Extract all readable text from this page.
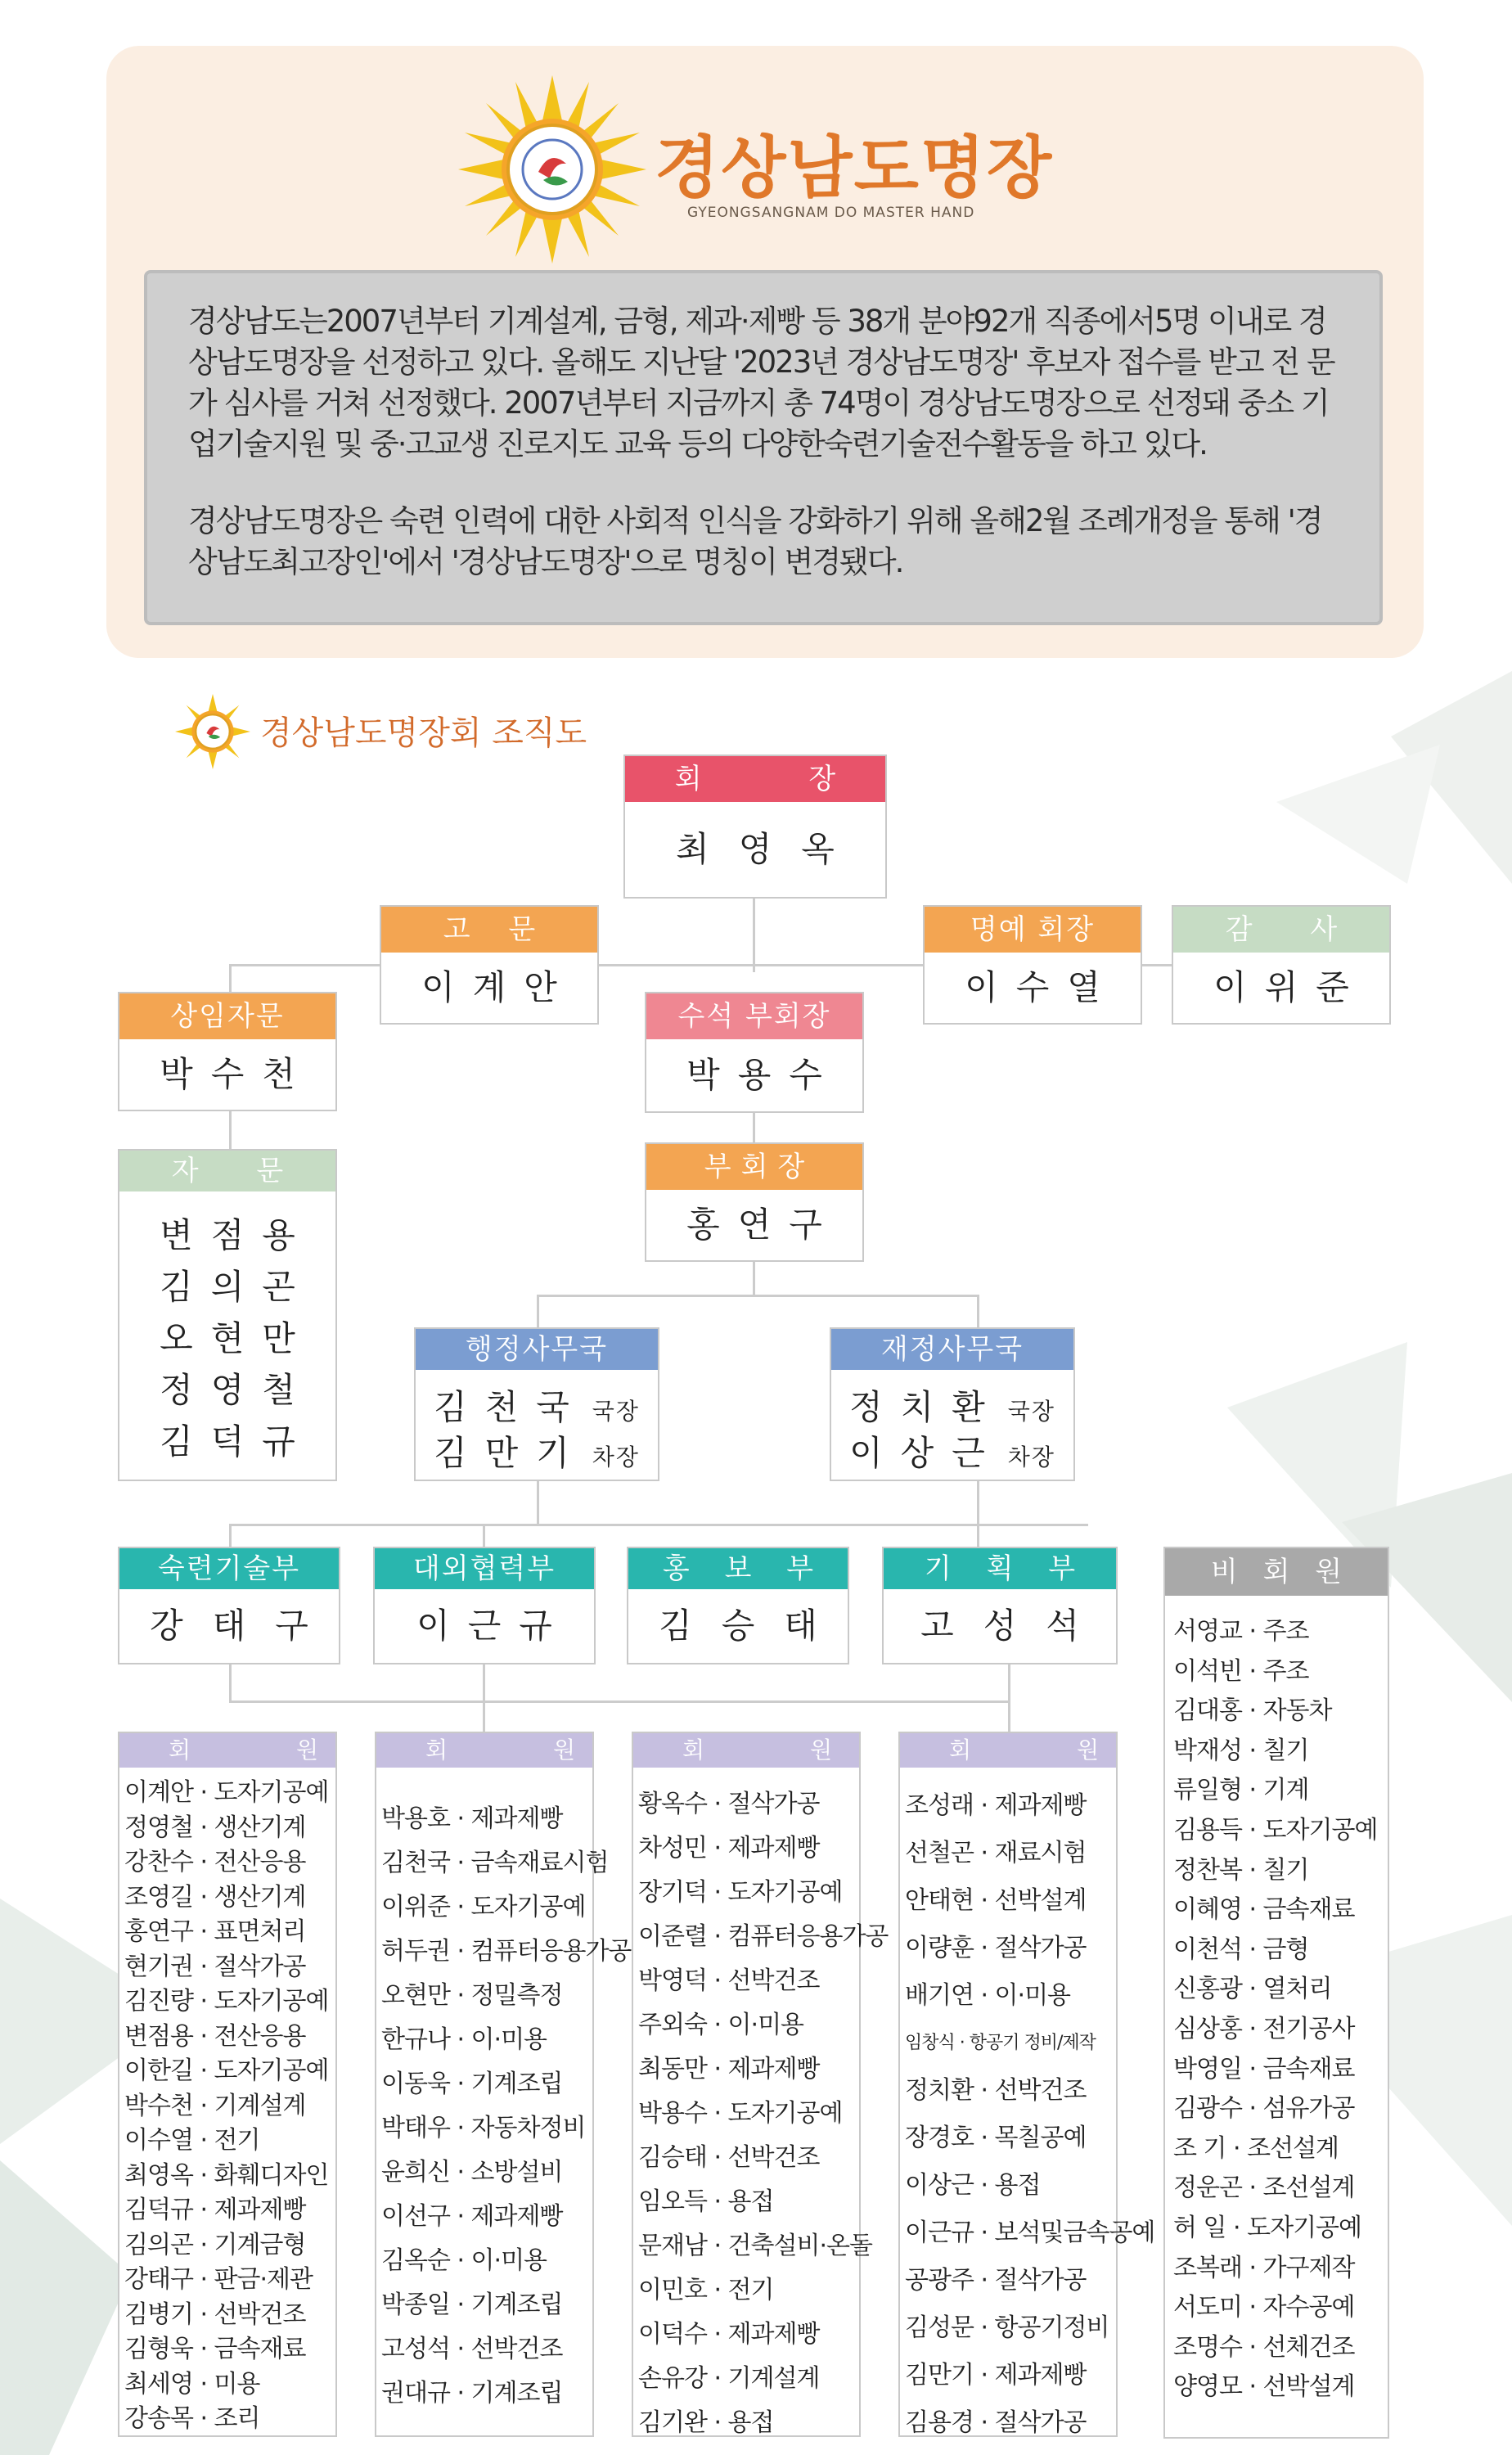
경상남도명장
GYEONGSANGNAM DO MASTER HAND

경상남도는2007년부터 기계설계, 금형, 제과·제빵 등 38개 분야92개 직종에서5명 이내로 경
상남도명장을 선정하고 있다. 올해도 지난달 '2023년 경상남도명장' 후보자 접수를 받고 전 문
가 심사를 거쳐 선정했다. 2007년부터 지금까지 총 74명이 경상남도명장으로 선정돼 중소 기
업기술지원 및 중·고교생 진로지도 교육 등의 다양한숙련기술전수활동을 하고 있다.

경상남도명장은 숙련 인력에 대한 사회적 인식을 강화하기 위해 올해2월 조례개정을 통해 '경
상남도최고장인'에서 '경상남도명장'으로 명칭이 변경됐다.

경상남도명장회 조직도
회 장
최영옥
고 문
이계안
명예 회장
이수열
감 사
이위준
상임자문
박수천
수석 부회장
박용수
자 문
변점용
김의곤
오현만
정영철
김덕규
부회장
홍연구
행정사무국
김천국 국장
김만기 차장
재정사무국
정치환 국장
이상근 차장
숙련기술부
강태구
대외협력부
이근규
홍 보 부
김승태
기 획 부
고성석
회 원
이계안 · 도자기공예
정영철 · 생산기계
강찬수 · 전산응용
조영길 · 생산기계
홍연구 · 표면처리
현기권 · 절삭가공
김진량 · 도자기공예
변점용 · 전산응용
이한길 · 도자기공예
박수천 · 기계설계
이수열 · 전기
최영옥 · 화훼디자인
김덕규 · 제과제빵
김의곤 · 기계금형
강태구 · 판금·제관
김병기 · 선박건조
김형욱 · 금속재료
최세영 · 미용
강송목 · 조리
회 원
박용호 · 제과제빵
김천국 · 금속재료시험
이위준 · 도자기공예
허두권 · 컴퓨터응용가공
오현만 · 정밀측정
한규나 · 이·미용
이동욱 · 기계조립
박태우 · 자동차정비
윤희신 · 소방설비
이선구 · 제과제빵
김옥순 · 이·미용
박종일 · 기계조립
고성석 · 선박건조
권대규 · 기계조립
회 원
황옥수 · 절삭가공
차성민 · 제과제빵
장기덕 · 도자기공예
이준렬 · 컴퓨터응용가공
박영덕 · 선박건조
주외숙 · 이·미용
최동만 · 제과제빵
박용수 · 도자기공예
김승태 · 선박건조
임오득 · 용접
문재남 · 건축설비·온돌
이민호 · 전기
이덕수 · 제과제빵
손유강 · 기계설계
김기완 · 용접
회 원
조성래 · 제과제빵
선철곤 · 재료시험
안태현 · 선박설계
이량훈 · 절삭가공
배기연 · 이·미용
임창식 · 항공기 정비/제작
정치환 · 선박건조
장경호 · 목칠공예
이상근 · 용접
이근규 · 보석및금속공예
공광주 · 절삭가공
김성문 · 항공기정비
김만기 · 제과제빵
김용경 · 절삭가공
비 회 원
서영교 · 주조
이석빈 · 주조
김대홍 · 자동차
박재성 · 칠기
류일형 · 기계
김용득 · 도자기공예
정찬복 · 칠기
이혜영 · 금속재료
이천석 · 금형
신홍광 · 열처리
심상홍 · 전기공사
박영일 · 금속재료
김광수 · 섬유가공
조 기 · 조선설계
정운곤 · 조선설계
허 일 · 도자기공예
조복래 · 가구제작
서도미 · 자수공예
조명수 · 선체건조
양영모 · 선박설계
